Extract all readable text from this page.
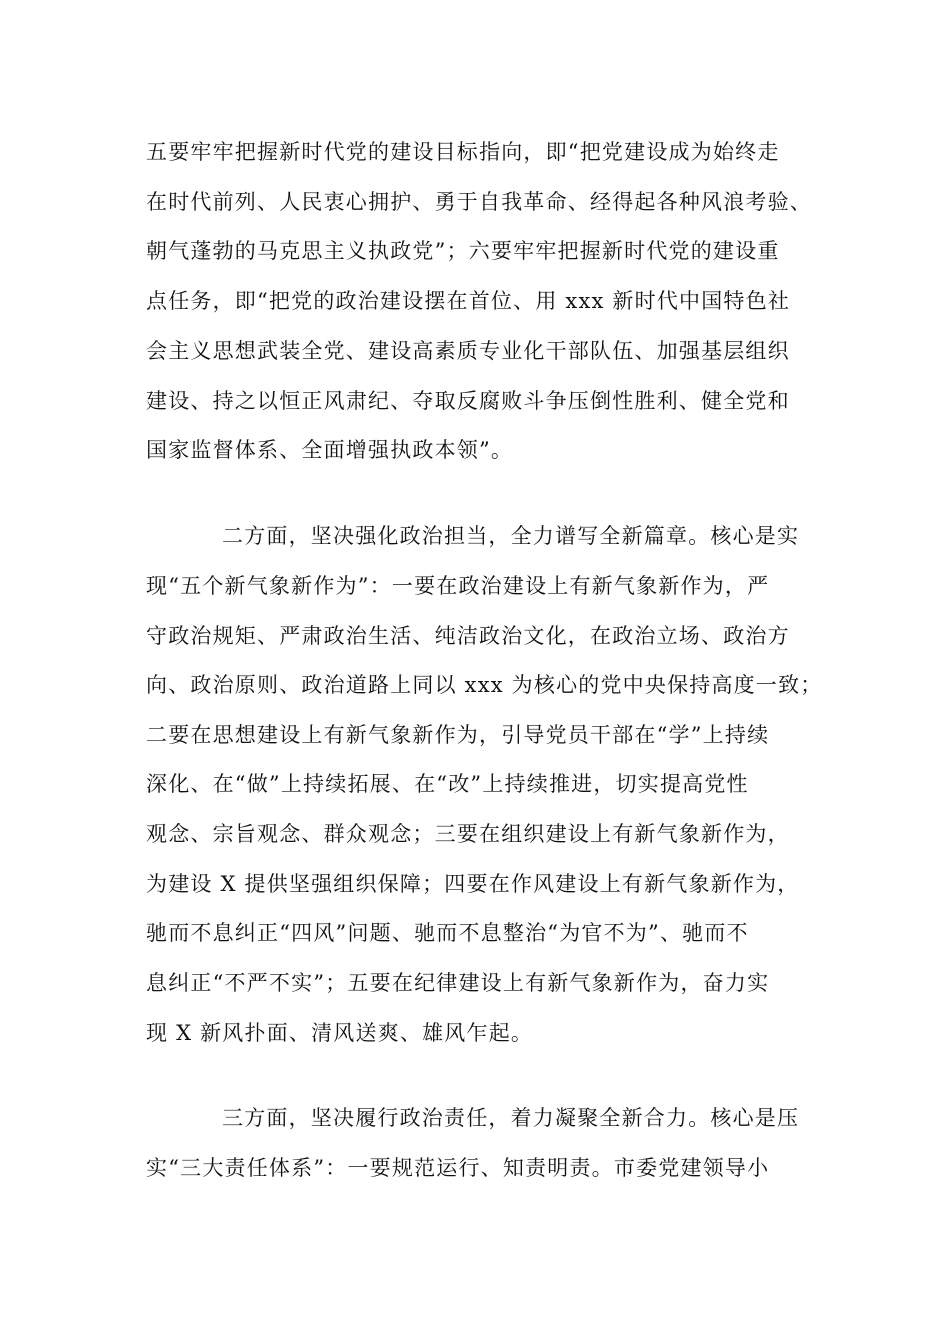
五要牢牢把握新时代党的建设目标指向，即“把党建设成为始终走
在时代前列、人民衷心拥护、勇于自我革命、经得起各种风浪考验、
朝气蓬勃的马克思主义执政党”；六要牢牢把握新时代党的建设重
点任务，即“把党的政治建设摆在首位、用 xxx 新时代中国特色社
会主义思想武装全党、建设高素质专业化干部队伍、加强基层组织
建设、持之以恒正风肃纪、夺取反腐败斗争压倒性胜利、健全党和
国家监督体系、全面增强执政本领”。
二方面，坚决强化政治担当，全力谱写全新篇章。核心是实
现“五个新气象新作为”：一要在政治建设上有新气象新作为，严
守政治规矩、严肃政治生活、纯洁政治文化，在政治立场、政治方
向、政治原则、政治道路上同以 xxx 为核心的党中央保持高度一致；
二要在思想建设上有新气象新作为，引导党员干部在“学”上持续
深化、在“做”上持续拓展、在“改”上持续推进，切实提高党性
观念、宗旨观念、群众观念；三要在组织建设上有新气象新作为，
为建设 X 提供坚强组织保障；四要在作风建设上有新气象新作为，
驰而不息纠正“四风”问题、驰而不息整治“为官不为”、驰而不
息纠正“不严不实”；五要在纪律建设上有新气象新作为，奋力实
现 X 新风扑面、清风送爽、雄风乍起。
三方面，坚决履行政治责任，着力凝聚全新合力。核心是压
实“三大责任体系”：一要规范运行、知责明责。市委党建领导小
